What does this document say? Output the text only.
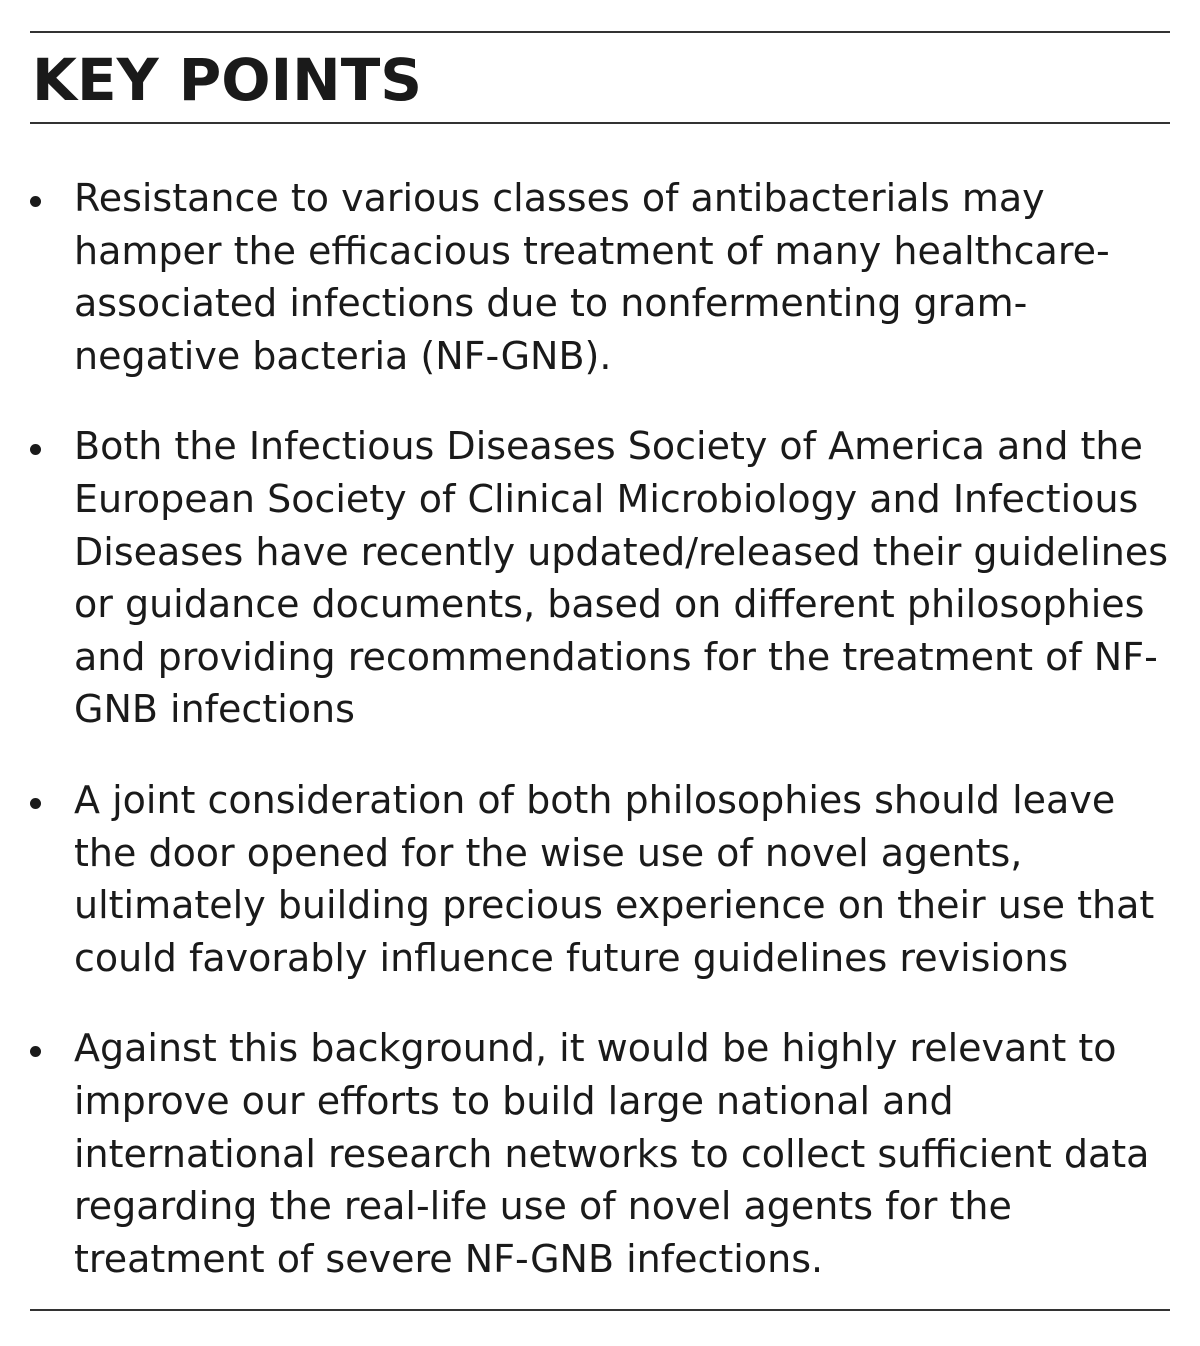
KEY POINTS
Resistance to various classes of antibacterials may hamper the efficacious treatment of many healthcare-associated infections due to nonfermenting gram-negative bacteria (NF-GNB).
Both the Infectious Diseases Society of America and the European Society of Clinical Microbiology and Infectious Diseases have recently updated/released their guidelines or guidance documents, based on different philosophies and providing recommendations for the treatment of NF-GNB infections
A joint consideration of both philosophies should leave the door opened for the wise use of novel agents, ultimately building precious experience on their use that could favorably influence future guidelines revisions
Against this background, it would be highly relevant to improve our efforts to build large national and international research networks to collect sufficient data regarding the real-life use of novel agents for the treatment of severe NF-GNB infections.
